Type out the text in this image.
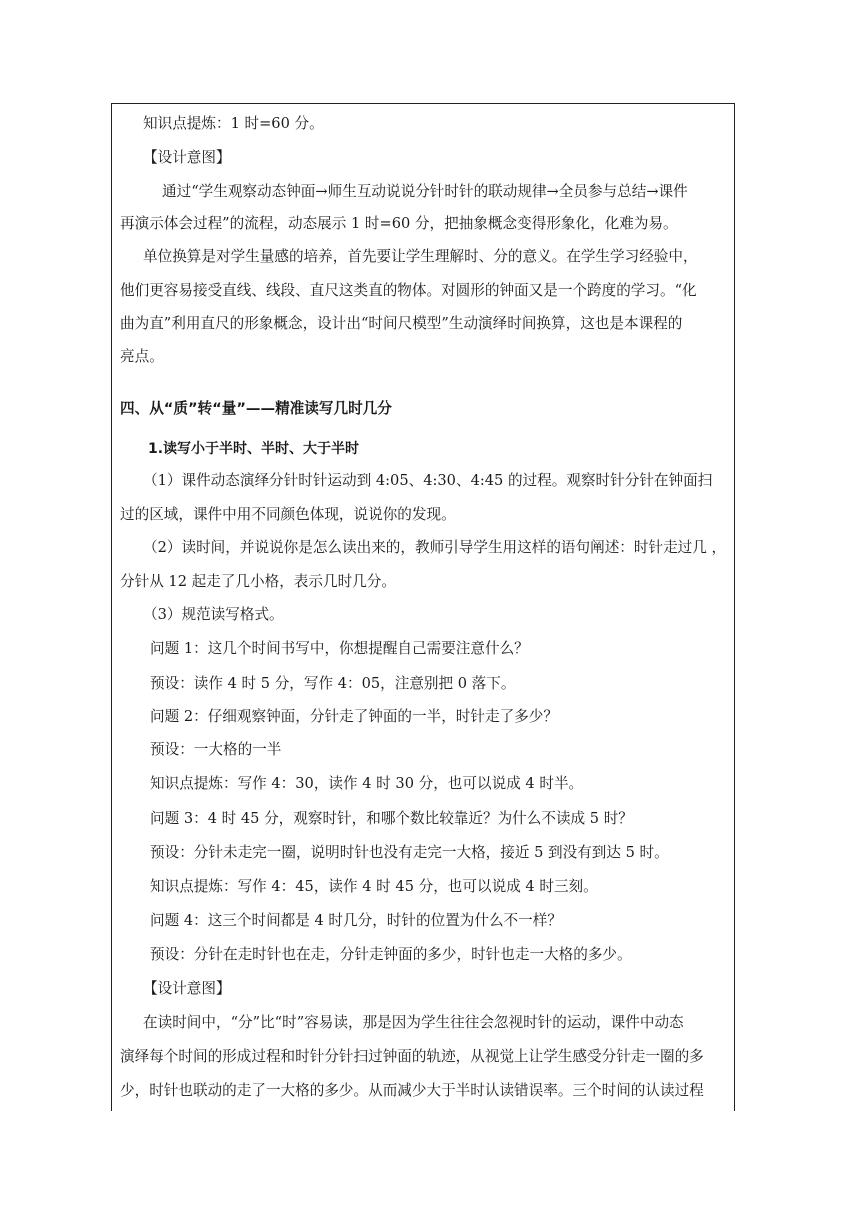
知识点提炼：1 时=60 分。
【设计意图】
通过“学生观察动态钟面→师生互动说说分针时针的联动规律→全员参与总结→课件
再演示体会过程”的流程，动态展示 1 时=60 分，把抽象概念变得形象化，化难为易。
单位换算是对学生量感的培养，首先要让学生理解时、分的意义。在学生学习经验中，
他们更容易接受直线、线段、直尺这类直的物体。对圆形的钟面又是一个跨度的学习。“化
曲为直”利用直尺的形象概念，设计出“时间尺模型”生动演绎时间换算，这也是本课程的
亮点。
四、从“质”转“量”——精准读写几时几分
1.读写小于半时、半时、大于半时
（1）课件动态演绎分针时针运动到 4:05、4:30、4:45 的过程。观察时针分针在钟面扫
过的区域，课件中用不同颜色体现，说说你的发现。
（2）读时间，并说说你是怎么读出来的，教师引导学生用这样的语句阐述：时针走过几 ，
分针从 12 起走了几小格，表示几时几分。
（3）规范读写格式。
问题 1：这几个时间书写中，你想提醒自己需要注意什么？
预设：读作 4 时 5 分，写作 4：05，注意别把 0 落下。
问题 2：仔细观察钟面，分针走了钟面的一半，时针走了多少？
预设：一大格的一半
知识点提炼：写作 4：30，读作 4 时 30 分，也可以说成 4 时半。
问题 3：4 时 45 分，观察时针，和哪个数比较靠近？为什么不读成 5 时？
预设：分针未走完一圈，说明时针也没有走完一大格，接近 5 到没有到达 5 时。
知识点提炼：写作 4：45，读作 4 时 45 分，也可以说成 4 时三刻。
问题 4：这三个时间都是 4 时几分，时针的位置为什么不一样？
预设：分针在走时针也在走，分针走钟面的多少，时针也走一大格的多少。
【设计意图】
在读时间中，“分”比“时”容易读，那是因为学生往往会忽视时针的运动，课件中动态
演绎每个时间的形成过程和时针分针扫过钟面的轨迹，从视觉上让学生感受分针走一圈的多
少，时针也联动的走了一大格的多少。从而减少大于半时认读错误率。三个时间的认读过程
